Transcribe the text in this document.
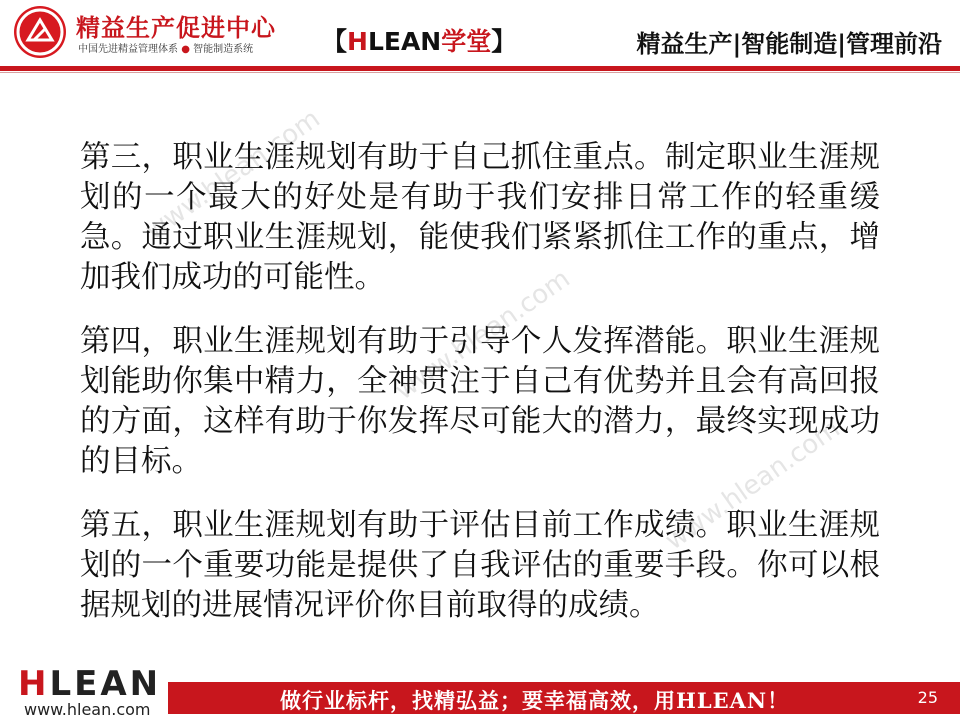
精益生产促进中心
中国先进精益管理体系 ● 智能制造系统	【HLEAN学堂】	精益生产|智能制造|管理前沿
www.hlean.com
www.hlean.com
www.hlean.com

第三，职业生涯规划有助于自己抓住重点。制定职业生涯规划的一个最大的好处是有助于我们安排日常工作的轻重缓急。通过职业生涯规划，能使我们紧紧抓住工作的重点，增加我们成功的可能性。

第四，职业生涯规划有助于引导个人发挥潜能。职业生涯规划能助你集中精力，全神贯注于自己有优势并且会有高回报的方面，这样有助于你发挥尽可能大的潜力，最终实现成功的目标。

第五，职业生涯规划有助于评估目前工作成绩。职业生涯规划的一个重要功能是提供了自我评估的重要手段。你可以根据规划的进展情况评价你目前取得的成绩。

HLEAN
www.hlean.com	做行业标杆，找精弘益；要幸福高效，用HLEAN！	25
